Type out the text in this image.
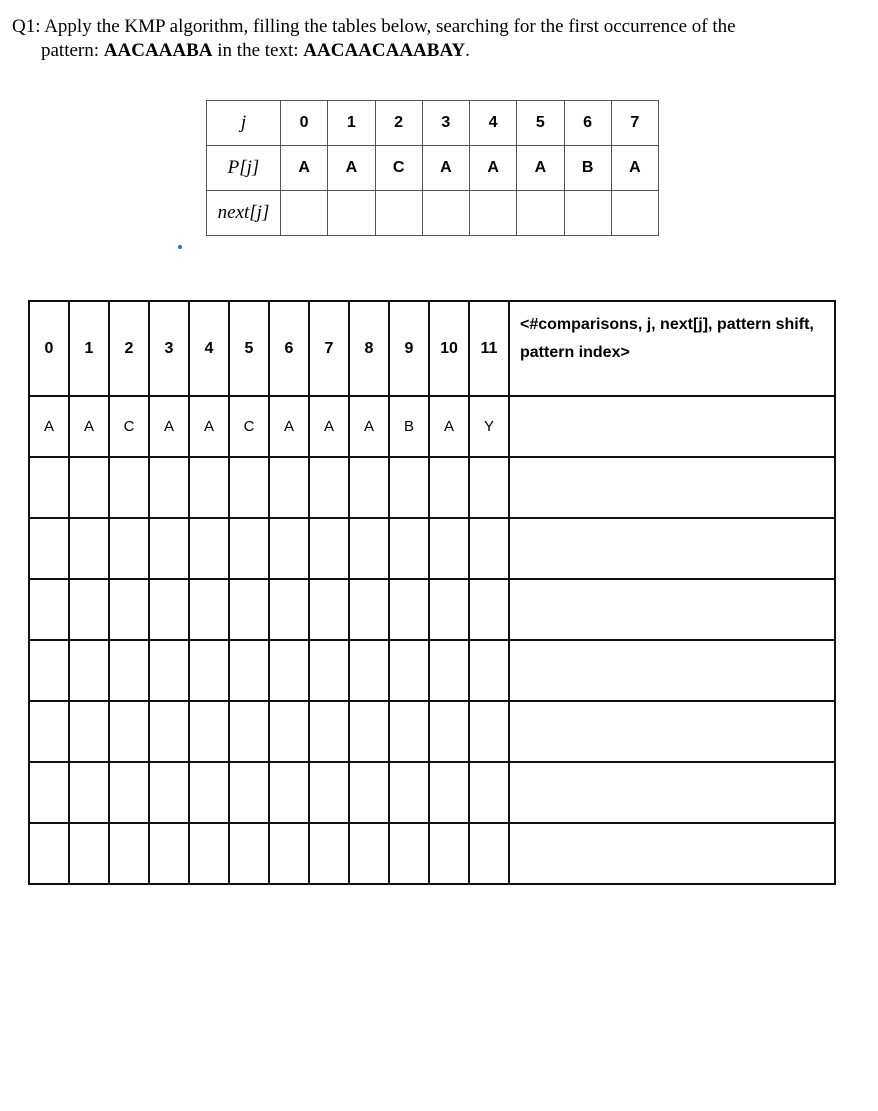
Q1: Apply the KMP algorithm, filling the tables below, searching for the first occurrence of the
pattern: AACAAABA in the text: AACAACAAABAY.
j	0	1	2	3	4	5	6	7
P[j]	A	A	C	A	A	A	B	A
next[j]								
0	1	2	3	4	5	6	7	8	9	10	11	<#comparisons, j, next[j], pattern shift, pattern index>
A	A	C	A	A	C	A	A	A	B	A	Y	
